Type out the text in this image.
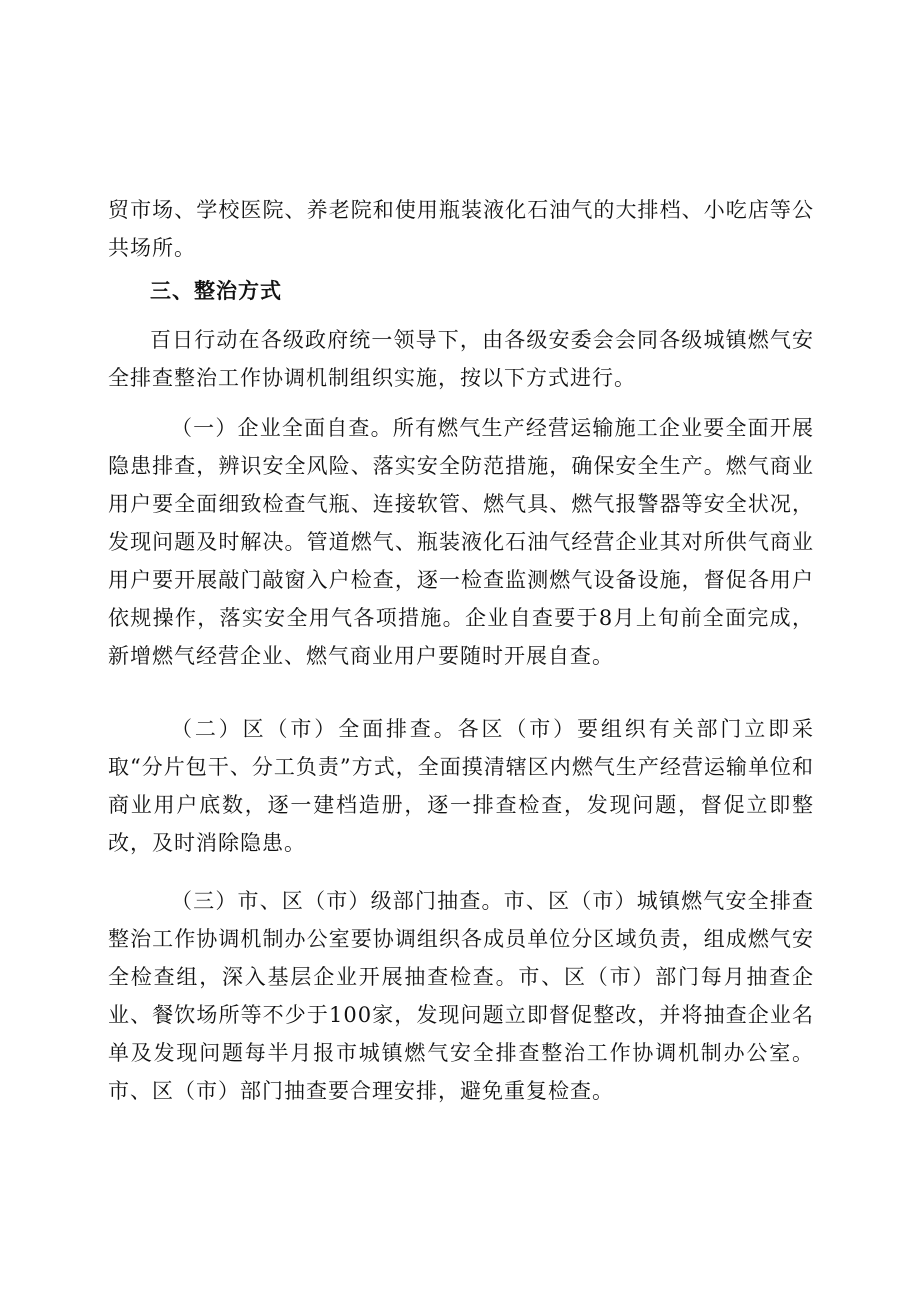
贸市场、学校医院、养老院和使用瓶装液化石油气的大排档、小吃店等公共场所。

三、整治方式

百日行动在各级政府统一领导下，由各级安委会会同各级城镇燃气安全排查整治工作协调机制组织实施，按以下方式进行。

（一）企业全面自查。所有燃气生产经营运输施工企业要全面开展隐患排查，辨识安全风险、落实安全防范措施，确保安全生产。燃气商业用户要全面细致检查气瓶、连接软管、燃气具、燃气报警器等安全状况，发现问题及时解决。管道燃气、瓶装液化石油气经营企业其对所供气商业用户要开展敲门敲窗入户检查，逐一检查监测燃气设备设施，督促各用户依规操作，落实安全用气各项措施。企业自查要于8月上旬前全面完成，新增燃气经营企业、燃气商业用户要随时开展自查。

（二）区（市）全面排查。各区（市）要组织有关部门立即采取“分片包干、分工负责”方式，全面摸清辖区内燃气生产经营运输单位和商业用户底数，逐一建档造册，逐一排查检查，发现问题，督促立即整改，及时消除隐患。

（三）市、区（市）级部门抽查。市、区（市）城镇燃气安全排查整治工作协调机制办公室要协调组织各成员单位分区域负责，组成燃气安全检查组，深入基层企业开展抽查检查。市、区（市）部门每月抽查企业、餐饮场所等不少于100家，发现问题立即督促整改，并将抽查企业名单及发现问题每半月报市城镇燃气安全排查整治工作协调机制办公室。市、区（市）部门抽查要合理安排，避免重复检查。
